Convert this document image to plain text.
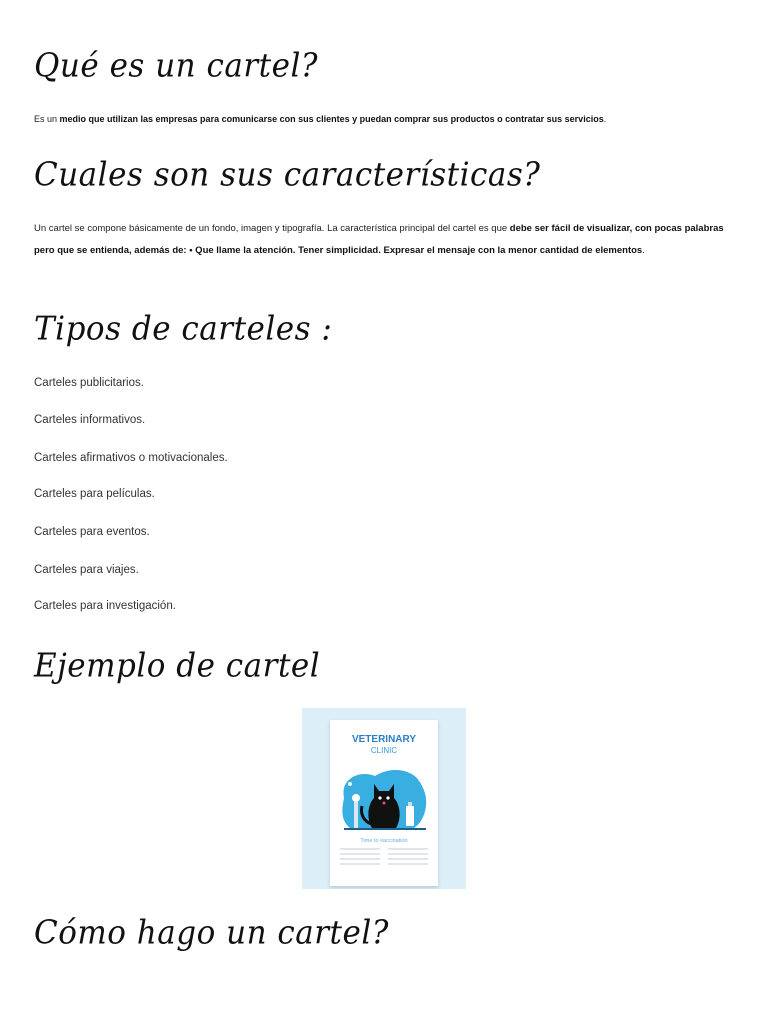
Qué es un cartel?
Es un medio que utilizan las empresas para comunicarse con sus clientes y puedan comprar sus productos o contratar sus servicios.
Cuales son sus características?
Un cartel se compone básicamente de un fondo, imagen y tipografía. La característica principal del cartel es que debe ser fácil de visualizar, con pocas palabras pero que se entienda, además de: • Que llame la atención. Tener simplicidad. Expresar el mensaje con la menor cantidad de elementos.
Tipos de carteles :
Carteles publicitarios.
Carteles informativos.
Carteles afirmativos o motivacionales.
Carteles para películas.
Carteles para eventos.
Carteles para viajes.
Carteles para investigación.
Ejemplo de cartel
Cómo hago un cartel?
VETERINARY
CLINIC
Time to vaccination
